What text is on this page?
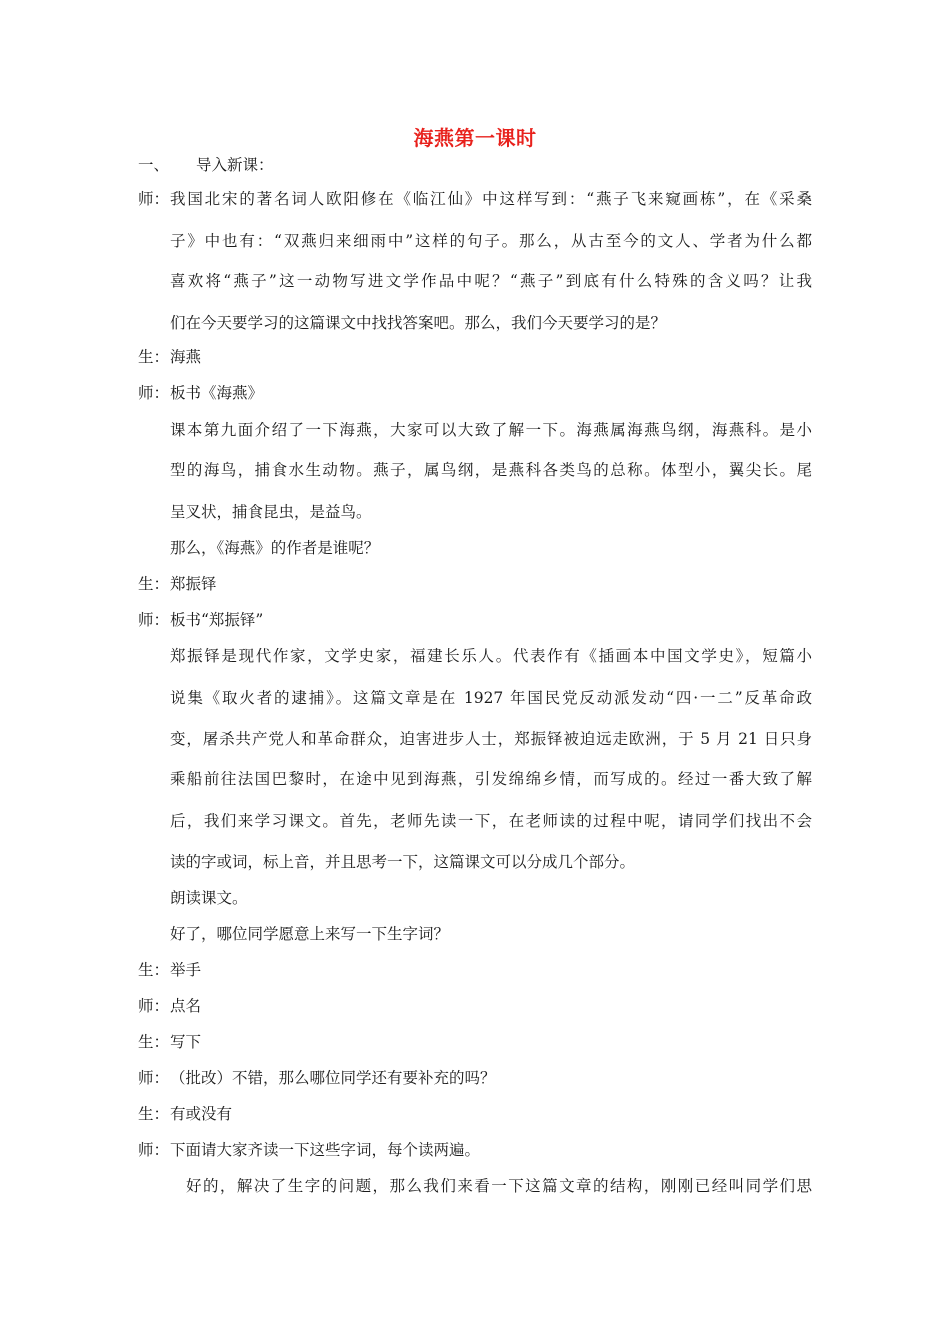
海燕第一课时
一、 导入新课：
师： 我国北宋的著名词人欧阳修在《临江仙》中这样写到：“燕子飞来窥画栋”，在《采桑
子》中也有：“双燕归来细雨中”这样的句子。那么，从古至今的文人、学者为什么都
喜欢将“燕子”这一动物写进文学作品中呢？“燕子”到底有什么特殊的含义吗？让我
们在今天要学习的这篇课文中找找答案吧。那么，我们今天要学习的是？
生： 海燕
师： 板书《海燕》
课本第九面介绍了一下海燕，大家可以大致了解一下。海燕属海燕鸟纲，海燕科。是小
型的海鸟，捕食水生动物。燕子，属鸟纲，是燕科各类鸟的总称。体型小，翼尖长。尾
呈叉状，捕食昆虫，是益鸟。
那么，《海燕》的作者是谁呢？
生： 郑振铎
师： 板书“郑振铎”
郑振铎是现代作家，文学史家，福建长乐人。代表作有《插画本中国文学史》，短篇小
说集《取火者的逮捕》。这篇文章是在 1927 年国民党反动派发动“四·一二”反革命政
变，屠杀共产党人和革命群众，迫害进步人士，郑振铎被迫远走欧洲，于 5 月 21 日只身
乘船前往法国巴黎时，在途中见到海燕，引发绵绵乡情，而写成的。经过一番大致了解
后，我们来学习课文。首先，老师先读一下，在老师读的过程中呢，请同学们找出不会
读的字或词，标上音，并且思考一下，这篇课文可以分成几个部分。
朗读课文。
好了，哪位同学愿意上来写一下生字词？
生： 举手
师： 点名
生： 写下
师： （批改）不错，那么哪位同学还有要补充的吗？
生： 有或没有
师： 下面请大家齐读一下这些字词，每个读两遍。
好的，解决了生字的问题，那么我们来看一下这篇文章的结构，刚刚已经叫同学们思
